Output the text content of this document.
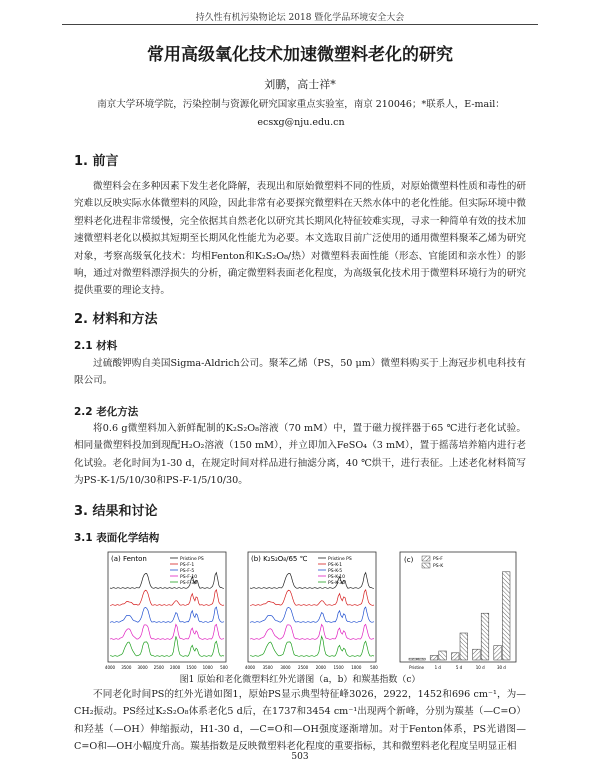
持久性有机污染物论坛 2018 暨化学品环境安全大会
常用高级氧化技术加速微塑料老化的研究
刘鹏，高士祥*
南京大学环境学院，污染控制与资源化研究国家重点实验室，南京 210046；*联系人，E-mail：
ecsxg@nju.edu.cn
1. 前言

微塑料会在多种因素下发生老化降解，表现出和原始微塑料不同的性质，对原始微塑料性质和毒性的研究难以反映实际水体微塑料的风险，因此非常有必要探究微塑料在天然水体中的老化性能。但实际环境中微塑料老化进程非常缓慢，完全依据其自然老化以研究其长期风化特征较难实现，寻求一种简单有效的技术加速微塑料老化以模拟其短期至长期风化性能尤为必要。本文选取目前广泛使用的通用微塑料聚苯乙烯为研究对象，考察高级氧化技术：均相Fenton和K₂S₂O₈/热）对微塑料表面性能（形态、官能团和亲水性）的影响，通过对微塑料漂浮损失的分析，确定微塑料表面老化程度，为高级氧化技术用于微塑料环境行为的研究提供重要的理论支持。

2. 材料和方法
(a) Fenton
4000 3500 3000 2500 2000 1500 1000 500
Pristine PS
PS-F-1
PS-F-5
PS-F-10
PS-F-30
(b) K₂S₂O₈/65 ℃
4000 3500 3000 2500 2000 1500 1000 500
Pristine PS
PS-K-1
PS-K-5
PS-K-10
PS-K-30
(c)
Pristine	1 d	5 d	10 d	30 d
PS-F
PS-K
图1 原始和老化微塑料红外光谱图（a，b）和羰基指数（c）
503
2.1 材料
过硫酸钾购自美国Sigma-Aldrich公司。聚苯乙烯（PS，50 μm）微塑料购买于上海冠步机电科技有限公司。
2.2 老化方法
将0.6 g微塑料加入新鲜配制的K₂S₂O₈溶液（70 mM）中，置于磁力搅拌器于65 ℃进行老化试验。相同量微塑料投加到现配H₂O₂溶液（150 mM），并立即加入FeSO₄（3 mM），置于摇荡培养箱内进行老化试验。老化时间为1-30 d，在规定时间对样品进行抽滤分离，40 ℃烘干，进行表征。上述老化材料简写为PS-K-1/5/10/30和PS-F-1/5/10/30。
3. 结果和讨论
3.1 表面化学结构
不同老化时间PS的红外光谱如图1，原始PS显示典型特征峰3026，2922，1452和696 cm⁻¹，为—CH₂振动。PS经过K₂S₂O₈体系老化5 d后，在1737和3454 cm⁻¹出现两个新峰，分别为羰基（—C=O）和羟基（—OH）伸缩振动，H1-30 d，—C=O和—OH强度逐渐增加。对于Fenton体系，PS光谱图—C=O和—OH小幅度升高。羰基指数是反映微塑料老化程度的重要指标，其和微塑料老化程度呈明显正相
